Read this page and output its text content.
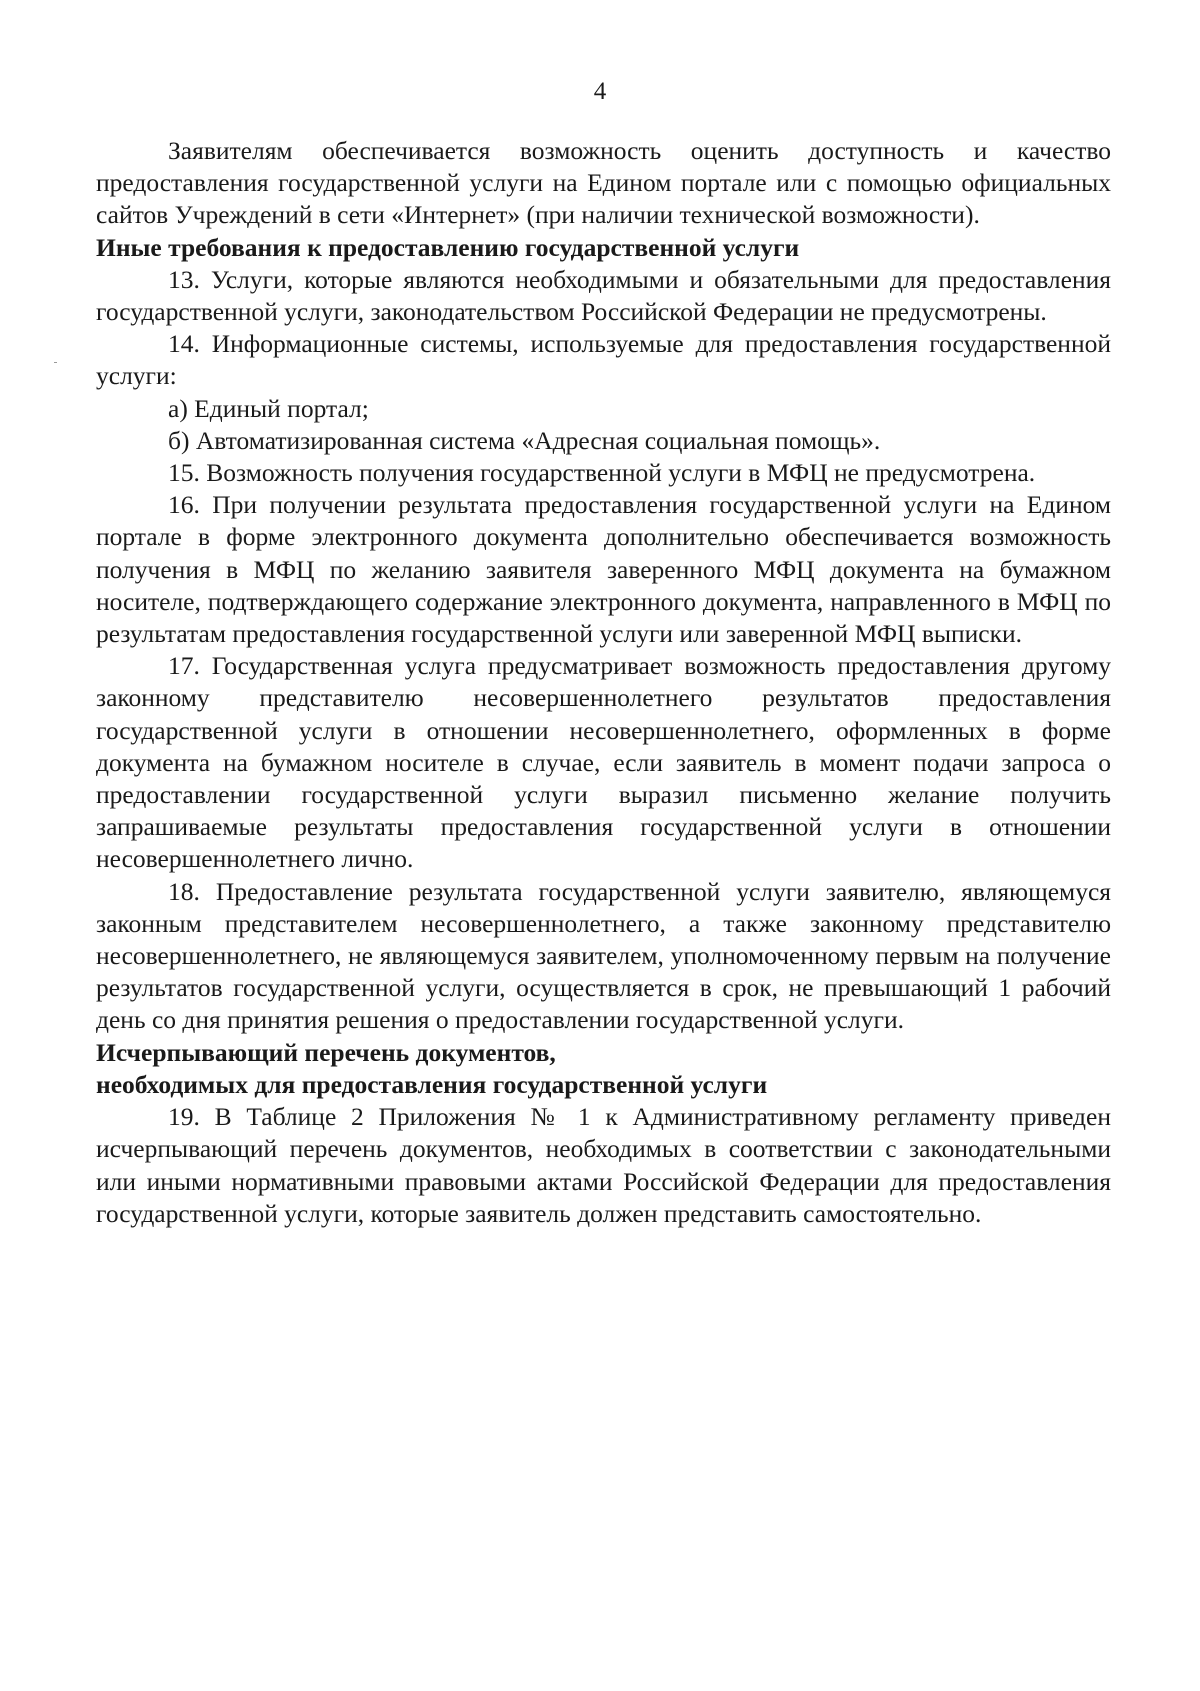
4

Заявителям обеспечивается возможность оценить доступность и качество предоставления государственной услуги на Едином портале или с помощью официальных сайтов Учреждений в сети «Интернет» (при наличии технической возможности).

Иные требования к предоставлению государственной услуги

13. Услуги, которые являются необходимыми и обязательными для предоставления государственной услуги, законодательством Российской Федерации не предусмотрены.

14. Информационные системы, используемые для предоставления государственной услуги:

а) Единый портал;

б) Автоматизированная система «Адресная социальная помощь».

15. Возможность получения государственной услуги в МФЦ не предусмотрена.

16. При получении результата предоставления государственной услуги на Едином портале в форме электронного документа дополнительно обеспечивается возможность получения в МФЦ по желанию заявителя заверенного МФЦ документа на бумажном носителе, подтверждающего содержание электронного документа, направленного в МФЦ по результатам предоставления государственной услуги или заверенной МФЦ выписки.

17. Государственная услуга предусматривает возможность предоставления другому законному представителю несовершеннолетнего результатов предоставления государственной услуги в отношении несовершеннолетнего, оформленных в форме документа на бумажном носителе в случае, если заявитель в момент подачи запроса о предоставлении государственной услуги выразил письменно желание получить запрашиваемые результаты предоставления государственной услуги в отношении несовершеннолетнего лично.

18. Предоставление результата государственной услуги заявителю, являющемуся законным представителем несовершеннолетнего, а также законному представителю несовершеннолетнего, не являющемуся заявителем, уполномоченному первым на получение результатов государственной услуги, осуществляется в срок, не превышающий 1 рабочий день со дня принятия решения о предоставлении государственной услуги.

Исчерпывающий перечень документов,
необходимых для предоставления государственной услуги

19. В Таблице 2 Приложения № 1 к Административному регламенту приведен исчерпывающий перечень документов, необходимых в соответствии с законодательными или иными нормативными правовыми актами Российской Федерации для предоставления государственной услуги, которые заявитель должен представить самостоятельно.
